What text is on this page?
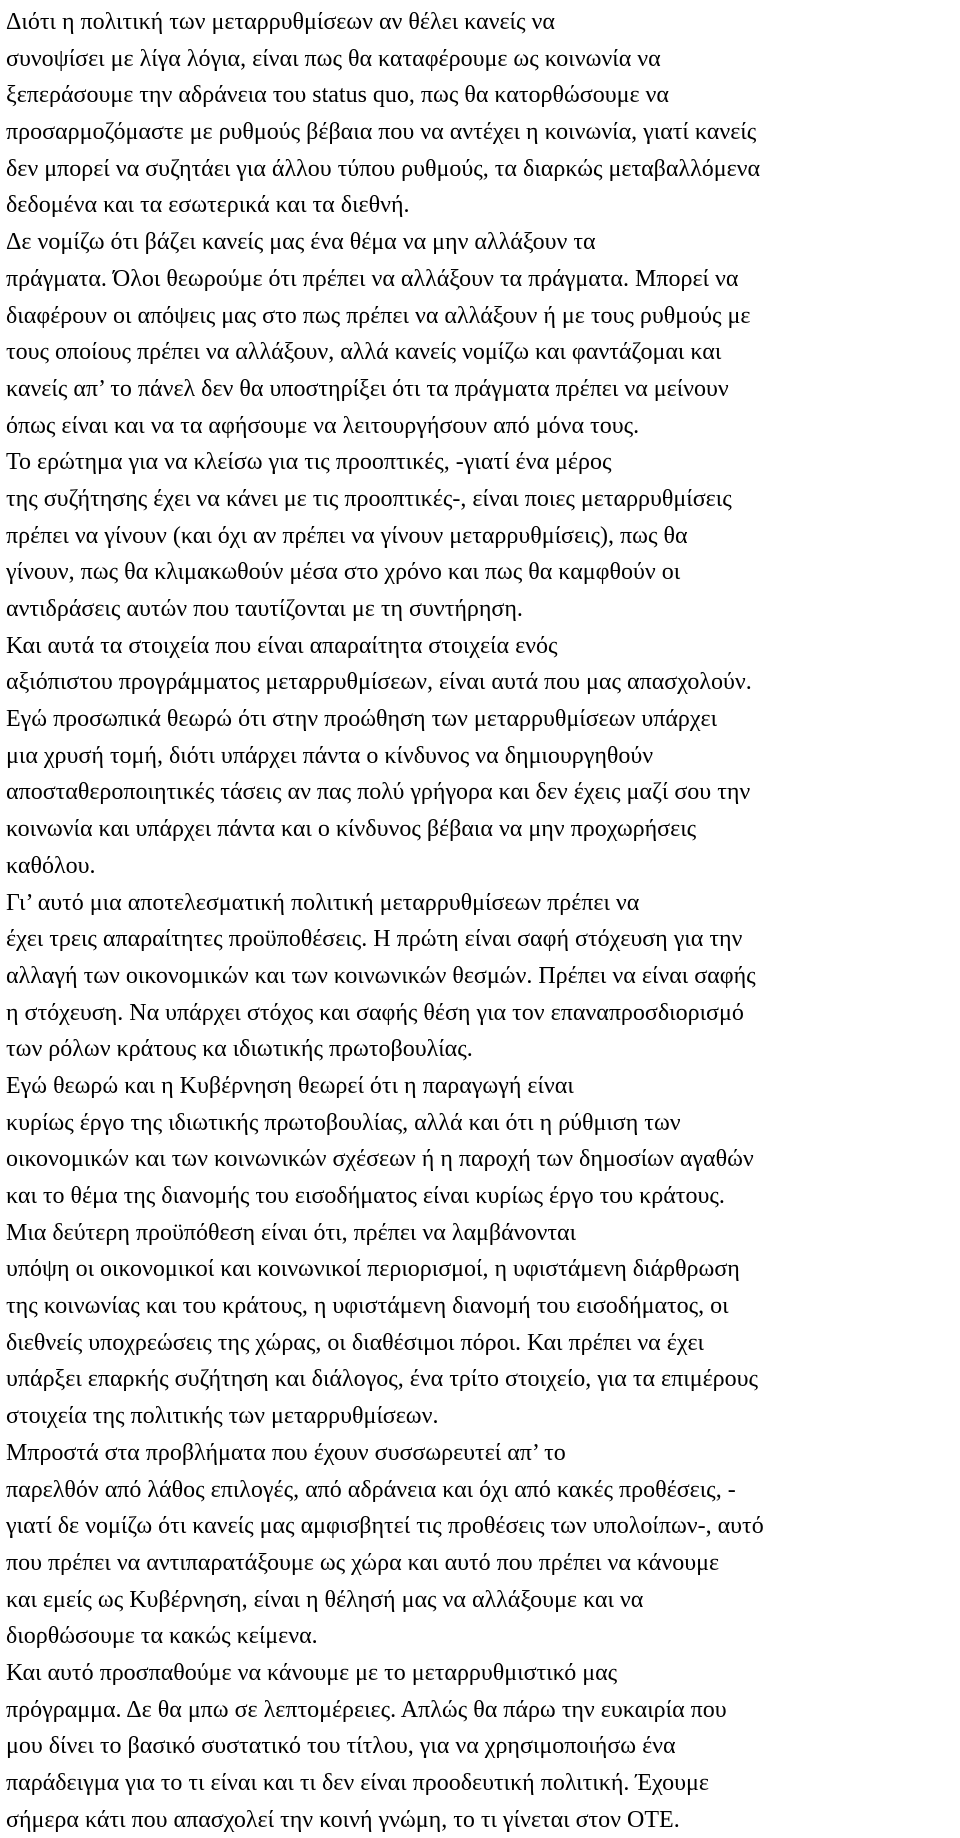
Διότι η πολιτική των μεταρρυθμίσεων αν θέλει κανείς να
συνοψίσει με λίγα λόγια, είναι πως θα καταφέρουμε ως κοινωνία να
ξεπεράσουμε την αδράνεια του status quo, πως θα κατορθώσουμε να
προσαρμοζόμαστε με ρυθμούς βέβαια που να αντέχει η κοινωνία, γιατί κανείς
δεν μπορεί να συζητάει για άλλου τύπου ρυθμούς, τα διαρκώς μεταβαλλόμενα
δεδομένα και τα εσωτερικά και τα διεθνή.
Δε νομίζω ότι βάζει κανείς μας ένα θέμα να μην αλλάξουν τα
πράγματα. Όλοι θεωρούμε ότι πρέπει να αλλάξουν τα πράγματα. Μπορεί να
διαφέρουν οι απόψεις μας στο πως πρέπει να αλλάξουν ή με τους ρυθμούς με
τους οποίους πρέπει να αλλάξουν, αλλά κανείς νομίζω και φαντάζομαι και
κανείς απ’ το πάνελ δεν θα υποστηρίξει ότι τα πράγματα πρέπει να μείνουν
όπως είναι και να τα αφήσουμε να λειτουργήσουν από μόνα τους.
Το ερώτημα για να κλείσω για τις προοπτικές, -γιατί ένα μέρος
της συζήτησης έχει να κάνει με τις προοπτικές-, είναι ποιες μεταρρυθμίσεις
πρέπει να γίνουν (και όχι αν πρέπει να γίνουν μεταρρυθμίσεις), πως θα
γίνουν, πως θα κλιμακωθούν μέσα στο χρόνο και πως θα καμφθούν οι
αντιδράσεις αυτών που ταυτίζονται με τη συντήρηση.
Και αυτά τα στοιχεία που είναι απαραίτητα στοιχεία ενός
αξιόπιστου προγράμματος μεταρρυθμίσεων, είναι αυτά που μας απασχολούν.
Εγώ προσωπικά θεωρώ ότι στην προώθηση των μεταρρυθμίσεων υπάρχει
μια χρυσή τομή, διότι υπάρχει πάντα ο κίνδυνος να δημιουργηθούν
αποσταθεροποιητικές τάσεις αν πας πολύ γρήγορα και δεν έχεις μαζί σου την
κοινωνία και υπάρχει πάντα και ο κίνδυνος βέβαια να μην προχωρήσεις
καθόλου.
Γι’ αυτό μια αποτελεσματική πολιτική μεταρρυθμίσεων πρέπει να
έχει τρεις απαραίτητες προϋποθέσεις. Η πρώτη είναι σαφή στόχευση για την
αλλαγή των οικονομικών και των κοινωνικών θεσμών. Πρέπει να είναι σαφής
η στόχευση. Να υπάρχει στόχος και σαφής θέση για τον επαναπροσδιορισμό
των ρόλων κράτους κα ιδιωτικής πρωτοβουλίας.
Εγώ θεωρώ και η Κυβέρνηση θεωρεί ότι η παραγωγή είναι
κυρίως έργο της ιδιωτικής πρωτοβουλίας, αλλά και ότι η ρύθμιση των
οικονομικών και των κοινωνικών σχέσεων ή η παροχή των δημοσίων αγαθών
και το θέμα της διανομής του εισοδήματος είναι κυρίως έργο του κράτους.
Μια δεύτερη προϋπόθεση είναι ότι, πρέπει να λαμβάνονται
υπόψη οι οικονομικοί και κοινωνικοί περιορισμοί, η υφιστάμενη διάρθρωση
της κοινωνίας και του κράτους, η υφιστάμενη διανομή του εισοδήματος, οι
διεθνείς υποχρεώσεις της χώρας, οι διαθέσιμοι πόροι. Και πρέπει να έχει
υπάρξει επαρκής συζήτηση και διάλογος, ένα τρίτο στοιχείο, για τα επιμέρους
στοιχεία της πολιτικής των μεταρρυθμίσεων.
Μπροστά στα προβλήματα που έχουν συσσωρευτεί απ’ το
παρελθόν από λάθος επιλογές, από αδράνεια και όχι από κακές προθέσεις, -
γιατί δε νομίζω ότι κανείς μας αμφισβητεί τις προθέσεις των υπολοίπων-, αυτό
που πρέπει να αντιπαρατάξουμε ως χώρα και αυτό που πρέπει να κάνουμε
και εμείς ως Κυβέρνηση, είναι η θέλησή μας να αλλάξουμε και να
διορθώσουμε τα κακώς κείμενα.
Και αυτό προσπαθούμε να κάνουμε με το μεταρρυθμιστικό μας
πρόγραμμα. Δε θα μπω σε λεπτομέρειες. Απλώς θα πάρω την ευκαιρία που
μου δίνει το βασικό συστατικό του τίτλου, για να χρησιμοποιήσω ένα
παράδειγμα για το τι είναι και τι δεν είναι προοδευτική πολιτική. Έχουμε
σήμερα κάτι που απασχολεί την κοινή γνώμη, το τι γίνεται στον ΟΤΕ.
